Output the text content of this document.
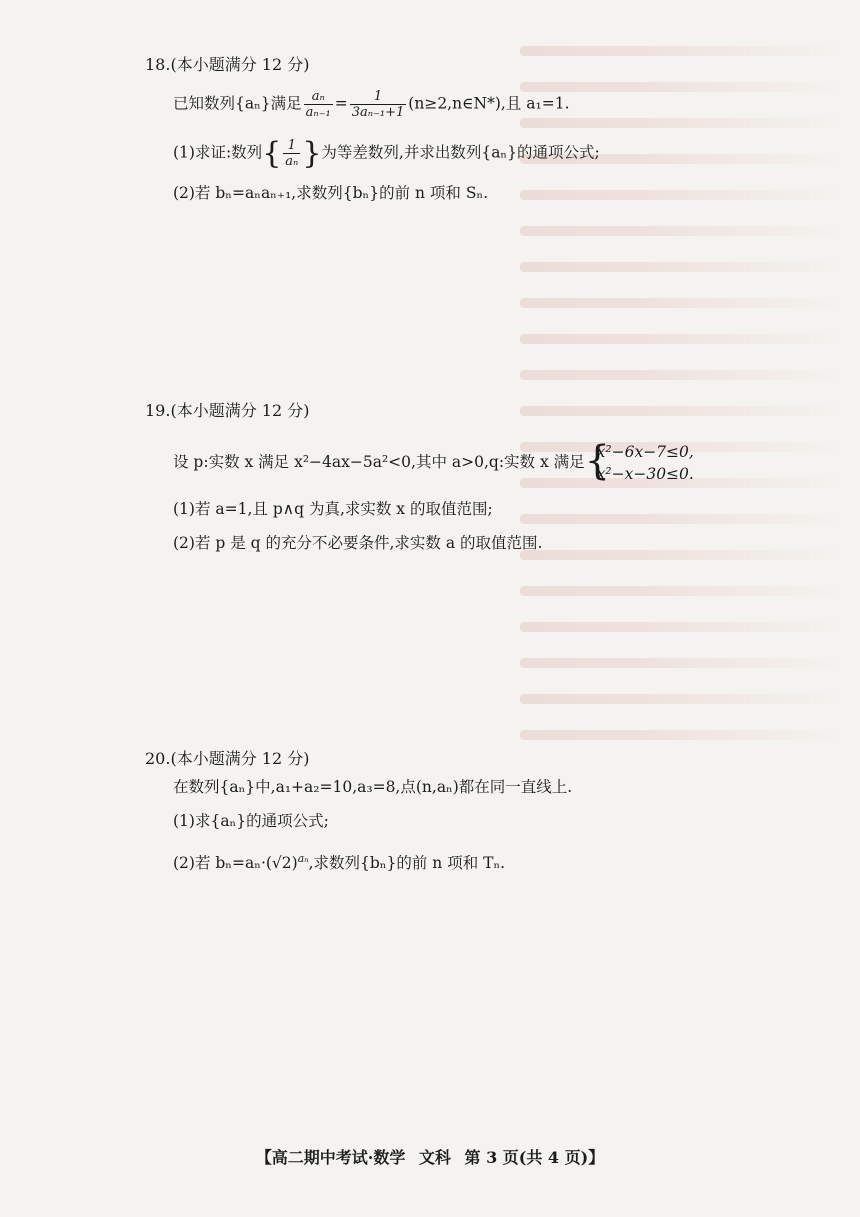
18.(本小题满分 12 分)
已知数列{aₙ}满足 $\frac{\text{aₙ}}{\text{aₙ₋₁}} = \frac{1}{\text{3aₙ₋₁+1}}$ (n≥2,n∈N*),且 a₁=1.
(1)求证:数列{ $\frac{1}{\text{aₙ}}$ }为等差数列,并求出数列{aₙ}的通项公式;
(2)若 bₙ=aₙaₙ₊₁,求数列{bₙ}的前 n 项和 Sₙ.
19.(本小题满分 12 分)
设 p:实数 x 满足 x²−4ax−5a²<0,其中 a>0,q:实数 x 满足 {
x²−6x−7≤0,
x²−x−30≤0.
(1)若 a=1,且 p∧q 为真,求实数 x 的取值范围;
(2)若 p 是 q 的充分不必要条件,求实数 a 的取值范围.
20.(本小题满分 12 分)
在数列{aₙ}中,a₁+a₂=10,a₃=8,点(n,aₙ)都在同一直线上.
(1)求{aₙ}的通项公式;
(2)若 $b_n=a_n\cdot(√2)^{a_n}$,求数列{bₙ}的前 n 项和 Tₙ.
【高二期中考试·数学 文科 第 3 页(共 4 页)】
